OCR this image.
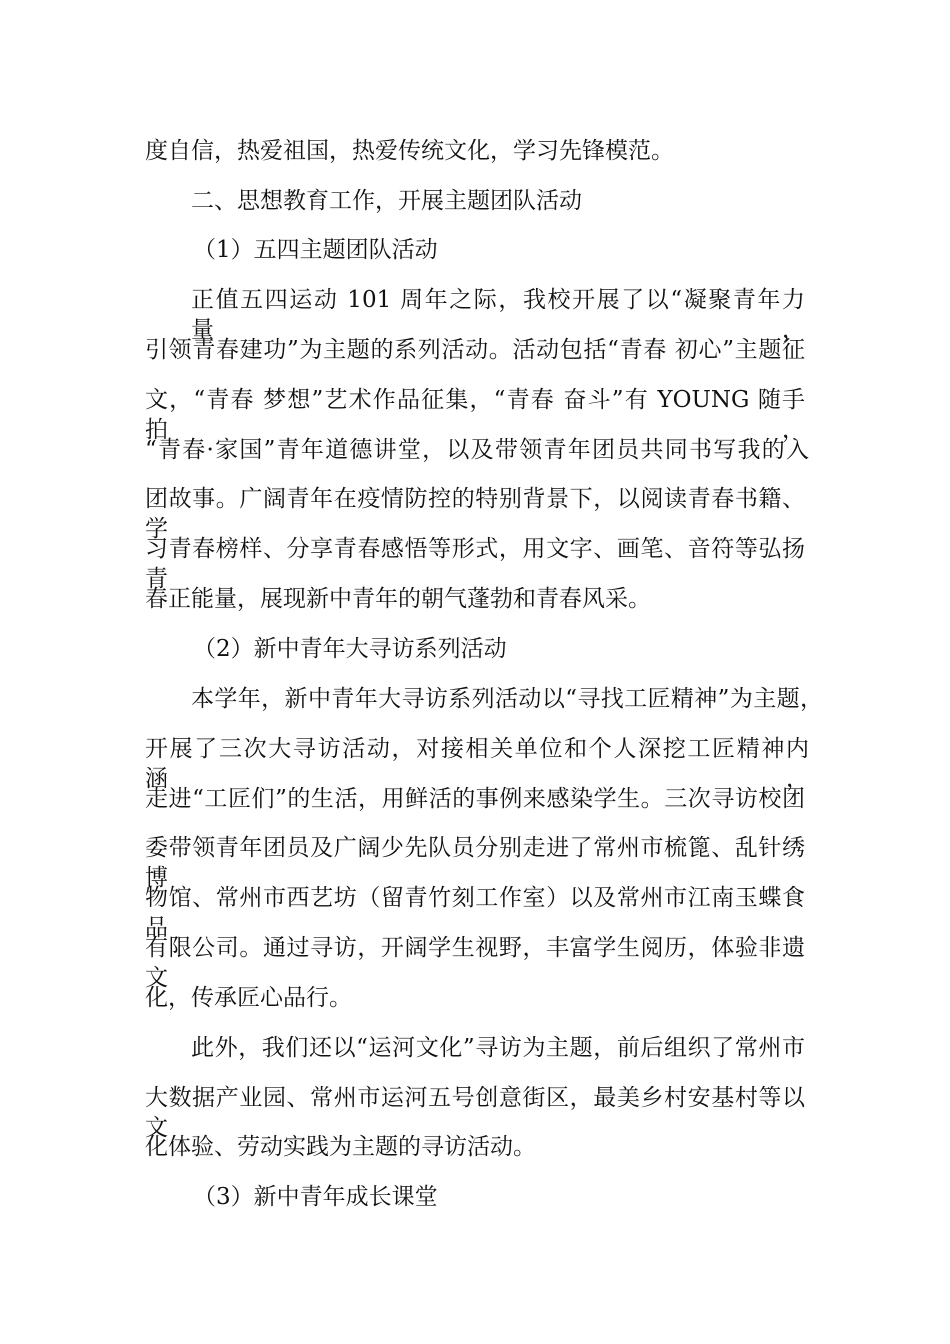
度自信，热爱祖国，热爱传统文化，学习先锋模范。

二、思想教育工作，开展主题团队活动

（1）五四主题团队活动

正值五四运动 101 周年之际，我校开展了以“凝聚青年力量，

引领青春建功”为主题的系列活动。活动包括“青春 初心”主题征

文，“青春 梦想”艺术作品征集，“青春 奋斗”有 YOUNG 随手拍，

“青春·家国”青年道德讲堂，以及带领青年团员共同书写我的入

团故事。广阔青年在疫情防控的特别背景下，以阅读青春书籍、学

习青春榜样、分享青春感悟等形式，用文字、画笔、音符等弘扬青

春正能量，展现新中青年的朝气蓬勃和青春风采。

（2）新中青年大寻访系列活动

本学年，新中青年大寻访系列活动以“寻找工匠精神”为主题，

开展了三次大寻访活动，对接相关单位和个人深挖工匠精神内涵，

走进“工匠们”的生活，用鲜活的事例来感染学生。三次寻访校团

委带领青年团员及广阔少先队员分别走进了常州市梳篦、乱针绣博

物馆、常州市西艺坊（留青竹刻工作室）以及常州市江南玉蝶食品

有限公司。通过寻访，开阔学生视野，丰富学生阅历，体验非遗文

化，传承匠心品行。

此外，我们还以“运河文化”寻访为主题，前后组织了常州市

大数据产业园、常州市运河五号创意街区，最美乡村安基村等以文

化体验、劳动实践为主题的寻访活动。

（3）新中青年成长课堂
